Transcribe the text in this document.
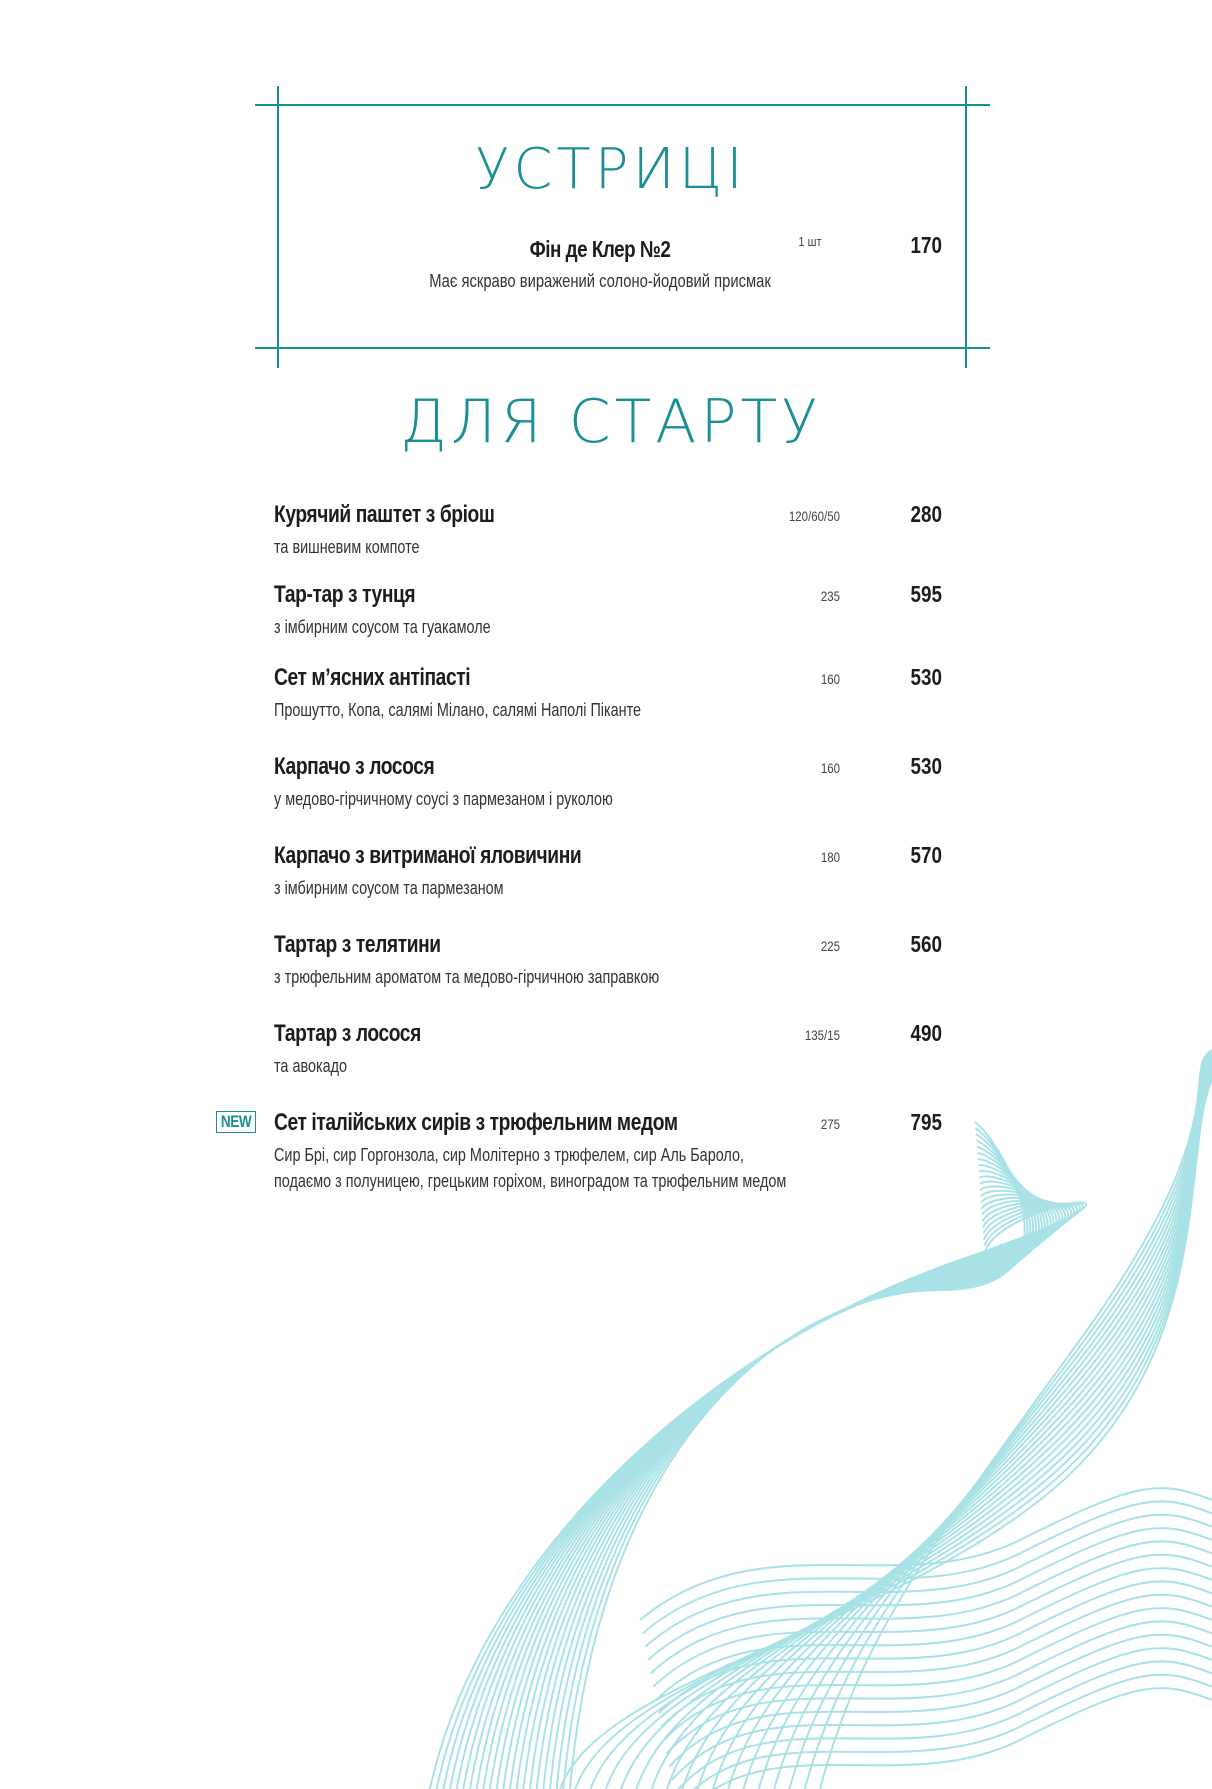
УСТРИЦІ
Фін де Клер №2
Має яскраво виражений солоно-йодовий присмак
1 шт	170
ДЛЯ СТАРТУ
Курячий паштет з бріош
та вишневим компоте
120/60/50	280
Тар-тар з тунця
з імбирним соусом та гуакамоле
235	595
Сет м’ясних антіпасті
Прошутто, Копа, салямі Мілано, салямі Наполі Піканте
160	530
Карпачо з лосося
у медово-гірчичному соусі з пармезаном і руколою
160	530
Карпачо з витриманої яловичини
з імбирним соусом та пармезаном
180	570
Тартар з телятини
з трюфельним ароматом та медово-гірчичною заправкою
225	560
Тартар з лосося
та авокадо
135/15	490
NEW Сет італійських сирів з трюфельним медом
Сир Брі, сир Горгонзола, сир Молітерно з трюфелем, сир Аль Бароло,
подаємо з полуницею, грецьким горіхом, виноградом та трюфельним медом
275	795
